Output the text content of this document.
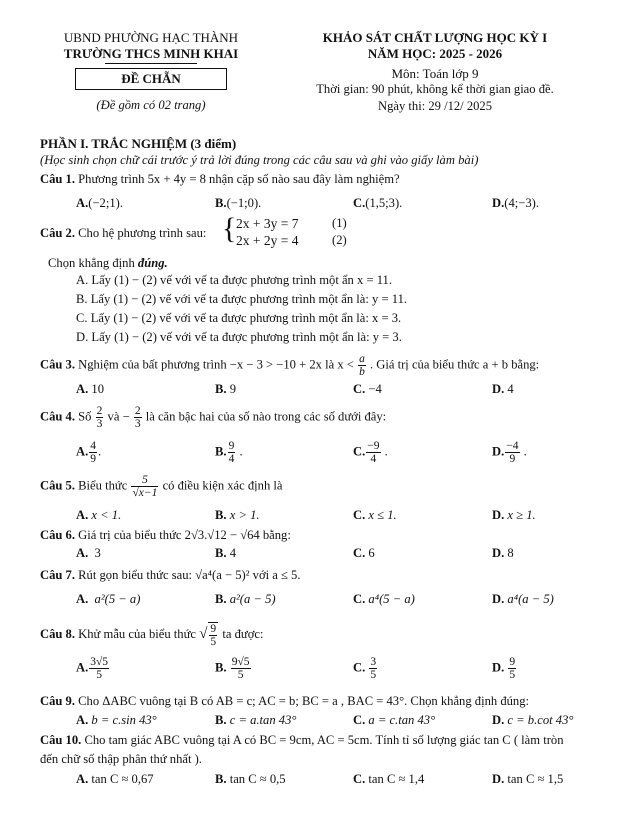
UBND PHƯỜNG HẠC THÀNH
TRƯỜNG THCS MINH KHAI
ĐỀ CHẴN
(Đề gồm có 02 trang)
KHẢO SÁT CHẤT LƯỢNG HỌC KỲ I
NĂM HỌC: 2025 - 2026
Môn: Toán lớp 9
Thời gian: 90 phút, không kể thời gian giao đề.
Ngày thi: 29 /12/ 2025
PHẦN I. TRẮC NGHIỆM (3 điểm)
(Học sinh chọn chữ cái trước ý trả lời đúng trong các câu sau và ghi vào giấy làm bài)
Câu 1. Phương trình 5x + 4y = 8 nhận cặp số nào sau đây làm nghiệm?
A.(−2;1).	B.(−1;0).	C.(1,5;3).	D.(4;−3).
Câu 2. Cho hệ phương trình sau: { 2x + 3y = 7	(1)
2x + 2y = 4	(2)
Chọn khẳng định đúng.
A. Lấy (1) − (2) vế với vế ta được phương trình một ẩn x = 11.
B. Lấy (1) − (2) vế với vế ta được phương trình một ẩn là: y = 11.
C. Lấy (1) − (2) vế với vế ta được phương trình một ẩn là: x = 3.
D. Lấy (1) − (2) vế với vế ta được phương trình một ẩn là: y = 3.
Câu 3. Nghiệm của bất phương trình −x − 3 > −10 + 2x là $x < \frac{a}{b}$ . Giá trị của biểu thức a + b bằng:
A. 10	B. 9	C. −4	D. 4
Câu 4. Số $\frac{2}{3}$ và − $\frac{2}{3}$ là căn bậc hai của số nào trong các số dưới đây:
A. $\frac{4}{9}$ .	B. $\frac{9}{4}$ .	C. $\frac{-9}{4}$ .	D. $\frac{-4}{9}$ .
Câu 5. Biểu thức $\frac{5}{√x-1}$ có điều kiện xác định là
A. x < 1.	B. x > 1.	C. x ≤ 1.	D. x ≥ 1.
Câu 6. Giá trị của biểu thức 2√3.√12 − √64 bằng:
A. 3	B. 4	C. 6	D. 8
Câu 7. Rút gọn biểu thức sau: √a⁴(a − 5)² với a ≤ 5.
A. a²(5 − a)	B. a²(a − 5)	C. a⁴(5 − a)	D. a⁴(a − 5)
Câu 8. Khử mẫu của biểu thức √ $\frac{9}{5}$ ta được:
A. $\frac{3√5}{5}$	B. $\frac{9√5}{5}$	C. $\frac{3}{5}$	D. $\frac{9}{5}$
Câu 9. Cho ΔABC vuông tại B có AB = c; AC = b; BC = a , BAC = 43°. Chọn khẳng định đúng:
A. b = c.sin 43°	B. c = a.tan 43°	C. a = c.tan 43°	D. c = b.cot 43°
Câu 10. Cho tam giác ABC vuông tại A có BC = 9cm, AC = 5cm. Tính tỉ số lượng giác tan C ( làm tròn
đến chữ số thập phân thứ nhất ).
A. tan C ≈ 0,67	B. tan C ≈ 0,5	C. tan C ≈ 1,4	D. tan C ≈ 1,5
